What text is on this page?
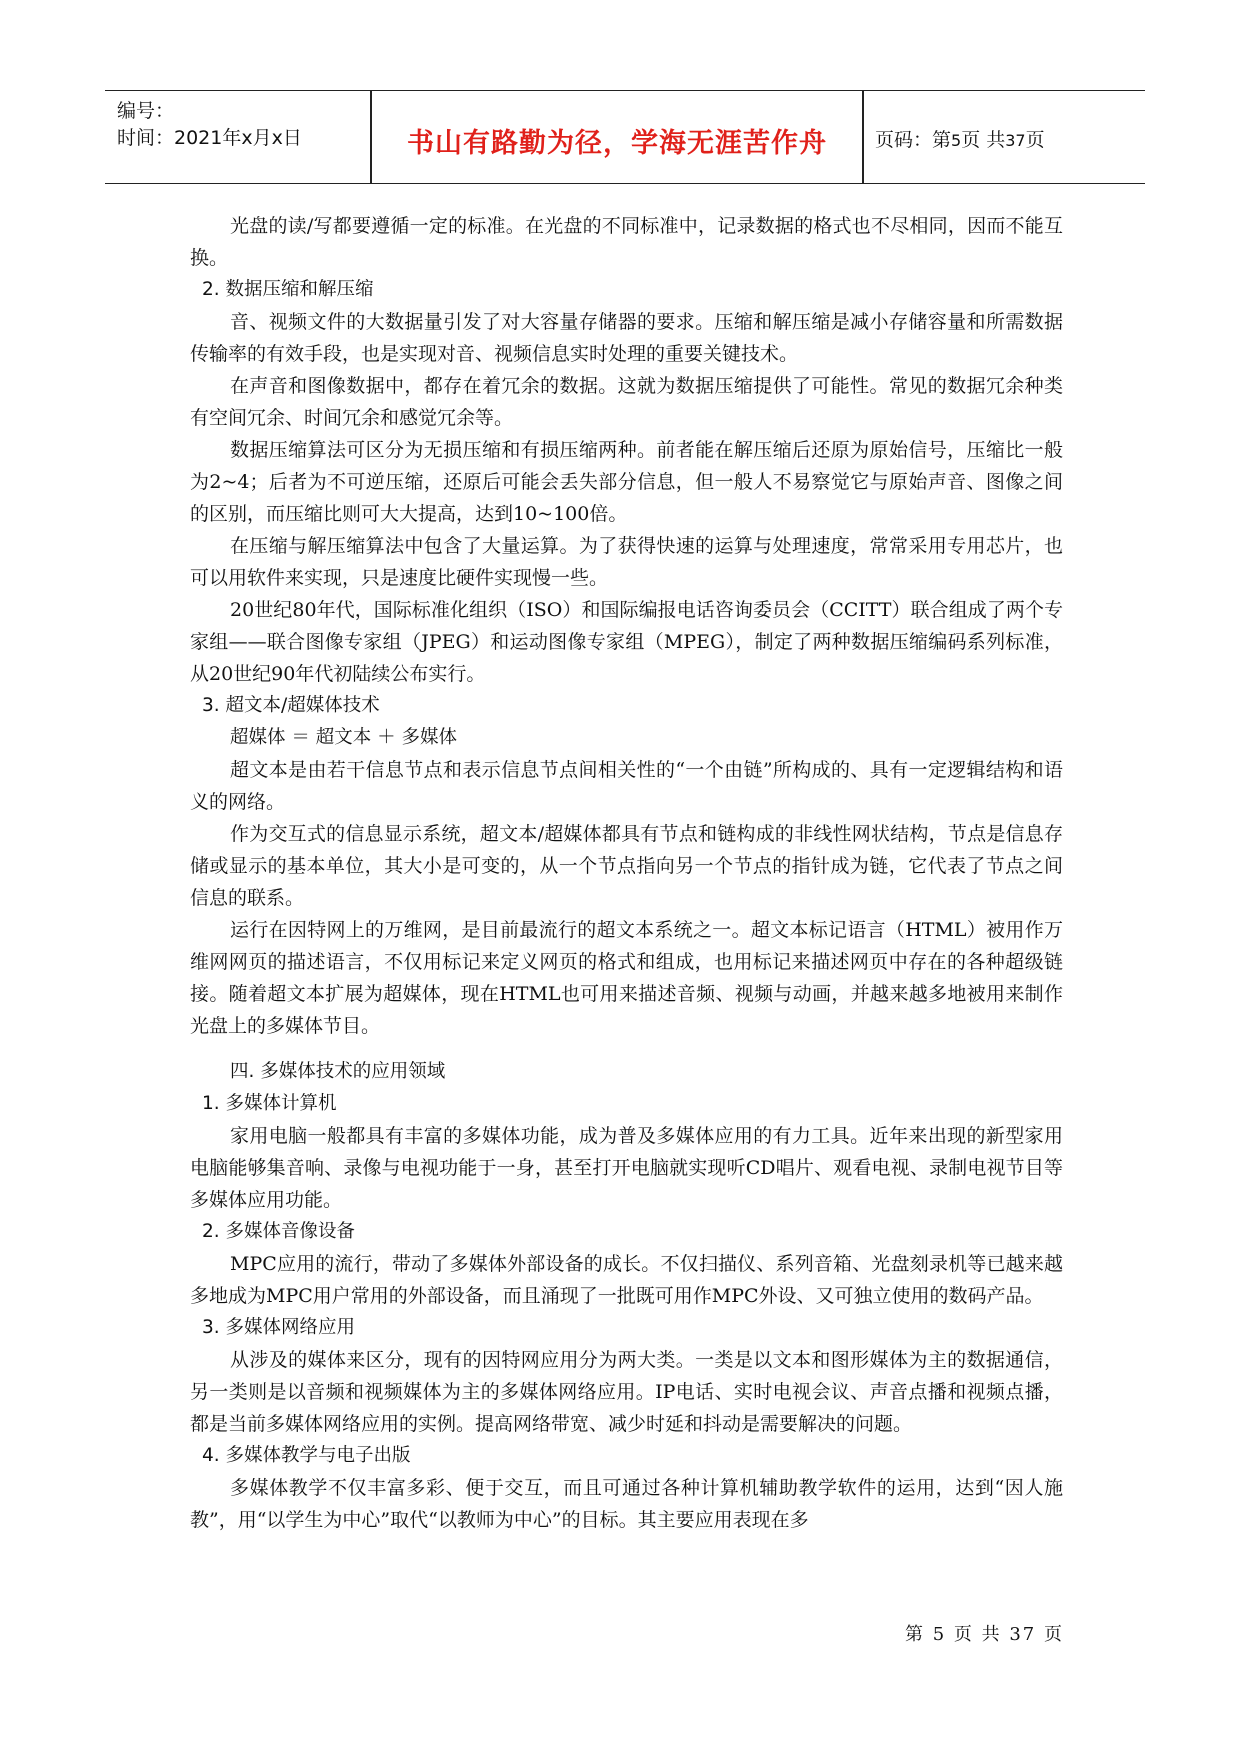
编号：
时间：2021年x月x日	书山有路勤为径，学海无涯苦作舟	页码：第5页 共37页

光盘的读/写都要遵循一定的标准。在光盘的不同标准中，记录数据的格式也不尽相同，因而不能互换。

2. 数据压缩和解压缩

音、视频文件的大数据量引发了对大容量存储器的要求。压缩和解压缩是减小存储容量和所需数据传输率的有效手段，也是实现对音、视频信息实时处理的重要关键技术。

在声音和图像数据中，都存在着冗余的数据。这就为数据压缩提供了可能性。常见的数据冗余种类有空间冗余、时间冗余和感觉冗余等。

数据压缩算法可区分为无损压缩和有损压缩两种。前者能在解压缩后还原为原始信号，压缩比一般为2~4；后者为不可逆压缩，还原后可能会丢失部分信息，但一般人不易察觉它与原始声音、图像之间的区别，而压缩比则可大大提高，达到10~100倍。

在压缩与解压缩算法中包含了大量运算。为了获得快速的运算与处理速度，常常采用专用芯片，也可以用软件来实现，只是速度比硬件实现慢一些。

20世纪80年代，国际标准化组织（ISO）和国际编报电话咨询委员会（CCITT）联合组成了两个专家组——联合图像专家组（JPEG）和运动图像专家组（MPEG），制定了两种数据压缩编码系列标准，从20世纪90年代初陆续公布实行。

3. 超文本/超媒体技术

超媒体 ＝ 超文本 ＋ 多媒体

超文本是由若干信息节点和表示信息节点间相关性的“一个由链”所构成的、具有一定逻辑结构和语义的网络。

作为交互式的信息显示系统，超文本/超媒体都具有节点和链构成的非线性网状结构，节点是信息存储或显示的基本单位，其大小是可变的，从一个节点指向另一个节点的指针成为链，它代表了节点之间信息的联系。

运行在因特网上的万维网，是目前最流行的超文本系统之一。超文本标记语言（HTML）被用作万维网网页的描述语言，不仅用标记来定义网页的格式和组成，也用标记来描述网页中存在的各种超级链接。随着超文本扩展为超媒体，现在HTML也可用来描述音频、视频与动画，并越来越多地被用来制作光盘上的多媒体节目。

四. 多媒体技术的应用领域

1. 多媒体计算机

家用电脑一般都具有丰富的多媒体功能，成为普及多媒体应用的有力工具。近年来出现的新型家用电脑能够集音响、录像与电视功能于一身，甚至打开电脑就实现听CD唱片、观看电视、录制电视节目等多媒体应用功能。

2. 多媒体音像设备

MPC应用的流行，带动了多媒体外部设备的成长。不仅扫描仪、系列音箱、光盘刻录机等已越来越多地成为MPC用户常用的外部设备，而且涌现了一批既可用作MPC外设、又可独立使用的数码产品。

3. 多媒体网络应用

从涉及的媒体来区分，现有的因特网应用分为两大类。一类是以文本和图形媒体为主的数据通信，另一类则是以音频和视频媒体为主的多媒体网络应用。IP电话、实时电视会议、声音点播和视频点播，都是当前多媒体网络应用的实例。提高网络带宽、减少时延和抖动是需要解决的问题。

4. 多媒体教学与电子出版

多媒体教学不仅丰富多彩、便于交互，而且可通过各种计算机辅助教学软件的运用，达到“因人施教”，用“以学生为中心”取代“以教师为中心”的目标。其主要应用表现在多

第 5 页 共 37 页
